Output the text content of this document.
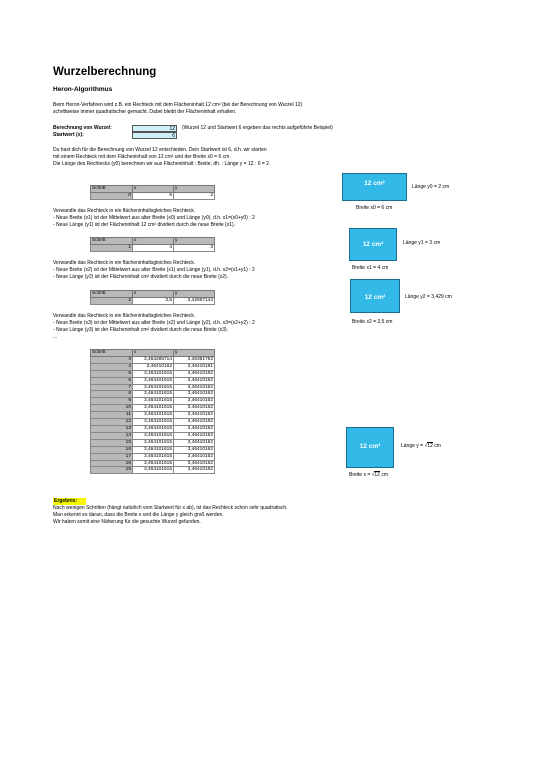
Wurzelberechnung
Heron-Algorithmus
Beim Heron-Verfahren wird z.B. ein Rechteck mit dem Flächeninhalt 12 cm² (bei der Berechnung von Wurzel 12)
schrittweise immer quadratischer gemacht. Dabei bleibt der Flächeninhalt erhalten.
Berechnung von Wurzel:	12	(Wurzel 12 und Startwert 6 ergeben das rechts aufgeführte Beispiel)
Startwert (x):	6
Du hast dich für die Berechnung von Wurzel 12 entschieden. Dein Startwert ist 6, d.h. wir starten
mit einem Rechteck mit dem Flächeninhalt von 12 cm² und der Breite x0 = 6 cm.
Die Länge des Rechtecks (y0) berechnen wir aus Flächeninhalt : Breite, dh. : Länge y = 12 : 6 = 2.
Schritt	x	y
0	6	2
Verwandle das Rechteck in ein flächeninhaltsgleiches Rechteck.
- Neue Breite (x1) ist der Mittelwert aus alter Breite (x0) und Länge (y0), d.h. x1=(x0+y0) : 2
- Neue Länge (y1) ist der Flächeninhalt 12 cm² dividiert durch die neue Breite (x1).
Schritt	x	y
1	4	3
Verwandle das Rechteck in ein flächeninhaltsgleiches Rechteck.
- Neue Breite (x2) ist der Mittelwert aus alter Breite (x1) und Länge (y1), d.h. x2=(x1+y1) : 2
- Neue Länge (y2) ist der Flächeninhalt cm² dividiert durch die neue Breite (x2).
Schritt	x	y
2	3,5	3,42857143
Verwandle das Rechteck in ein flächeninhaltsgleiches Rechteck.
- Neue Breite (x3) ist der Mittelwert aus alter Breite (x2) und Länge (y2), d.h. x3=(x2+y2) : 2
- Neue Länge (y3) ist der Flächeninhalt cm² dividiert durch die neue Breite (x3).
...
Schritt	x	y
3	3,464285714	3,46391753
4	3,46410162	3,46410161
5	3,464101615	3,46410162
6	3,464101615	3,46410162
7	3,464101615	3,46410162
8	3,464101615	3,46410162
9	3,464101615	3,46410162
10	3,464101615	3,46410162
11	3,464101615	3,46410162
12	3,464101615	3,46410162
13	3,464101615	3,46410162
14	3,464101615	3,46410162
15	3,464101615	3,46410162
16	3,464101615	3,46410162
17	3,464101615	3,46410162
18	3,464101615	3,46410162
19	3,464101615	3,46410162
12 cm²	Länge y0 = 2 cm
Breite x0 = 6 cm
12 cm²	Länge y1 = 3 cm
Breite x1 = 4 cm
12 cm²	Länge y2 = 3,429 cm
Breite x2 = 3,5 cm
12 cm²	Länge y = √12 cm
Breite x = √12 cm
Ergebnis:
Nach wenigen Schritten (hängt natürlich vom Startwert für x ab), ist das Rechteck schon sehr quadratisch.
Man erkennt es daran, dass die Breite x und die Länge y gleich groß werden.
Wir haben somit eine Näherung für die gesuchte Wurzel gefunden.
